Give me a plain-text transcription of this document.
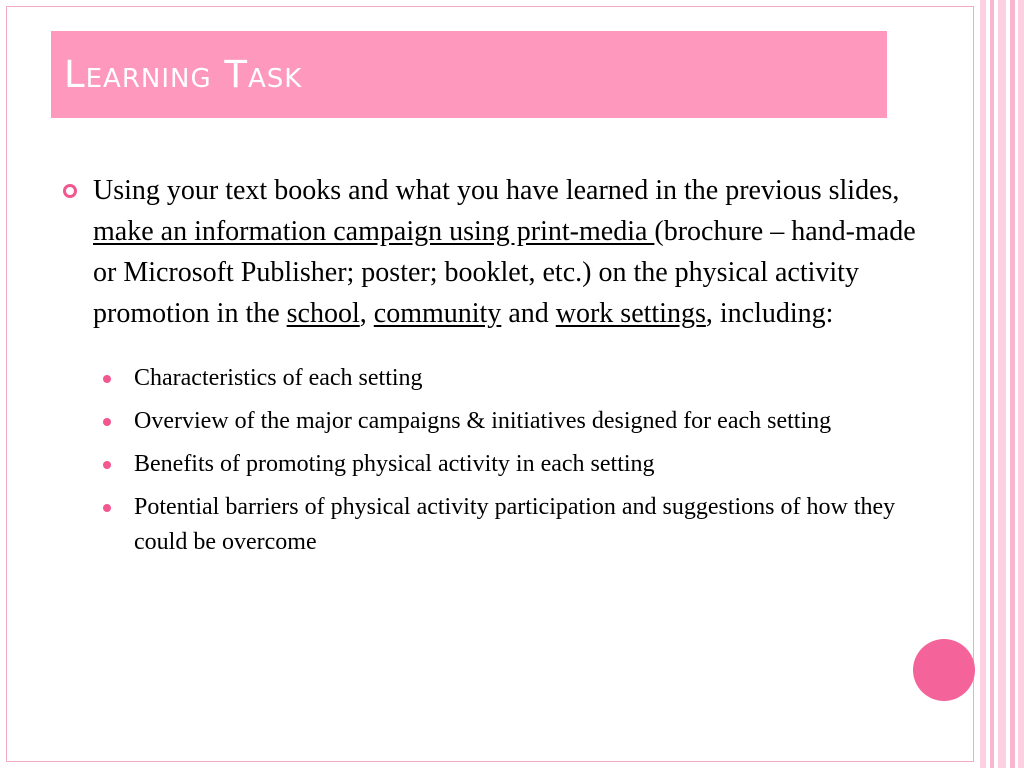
Learning Task
Using your text books and what you have learned in the previous slides, make an information campaign using print-media (brochure – hand-made or Microsoft Publisher; poster; booklet, etc.) on the physical activity promotion in the school, community and work settings, including:
Characteristics of each setting
Overview of the major campaigns & initiatives designed for each setting
Benefits of promoting physical activity in each setting
Potential barriers of physical activity participation and suggestions of how they could be overcome
